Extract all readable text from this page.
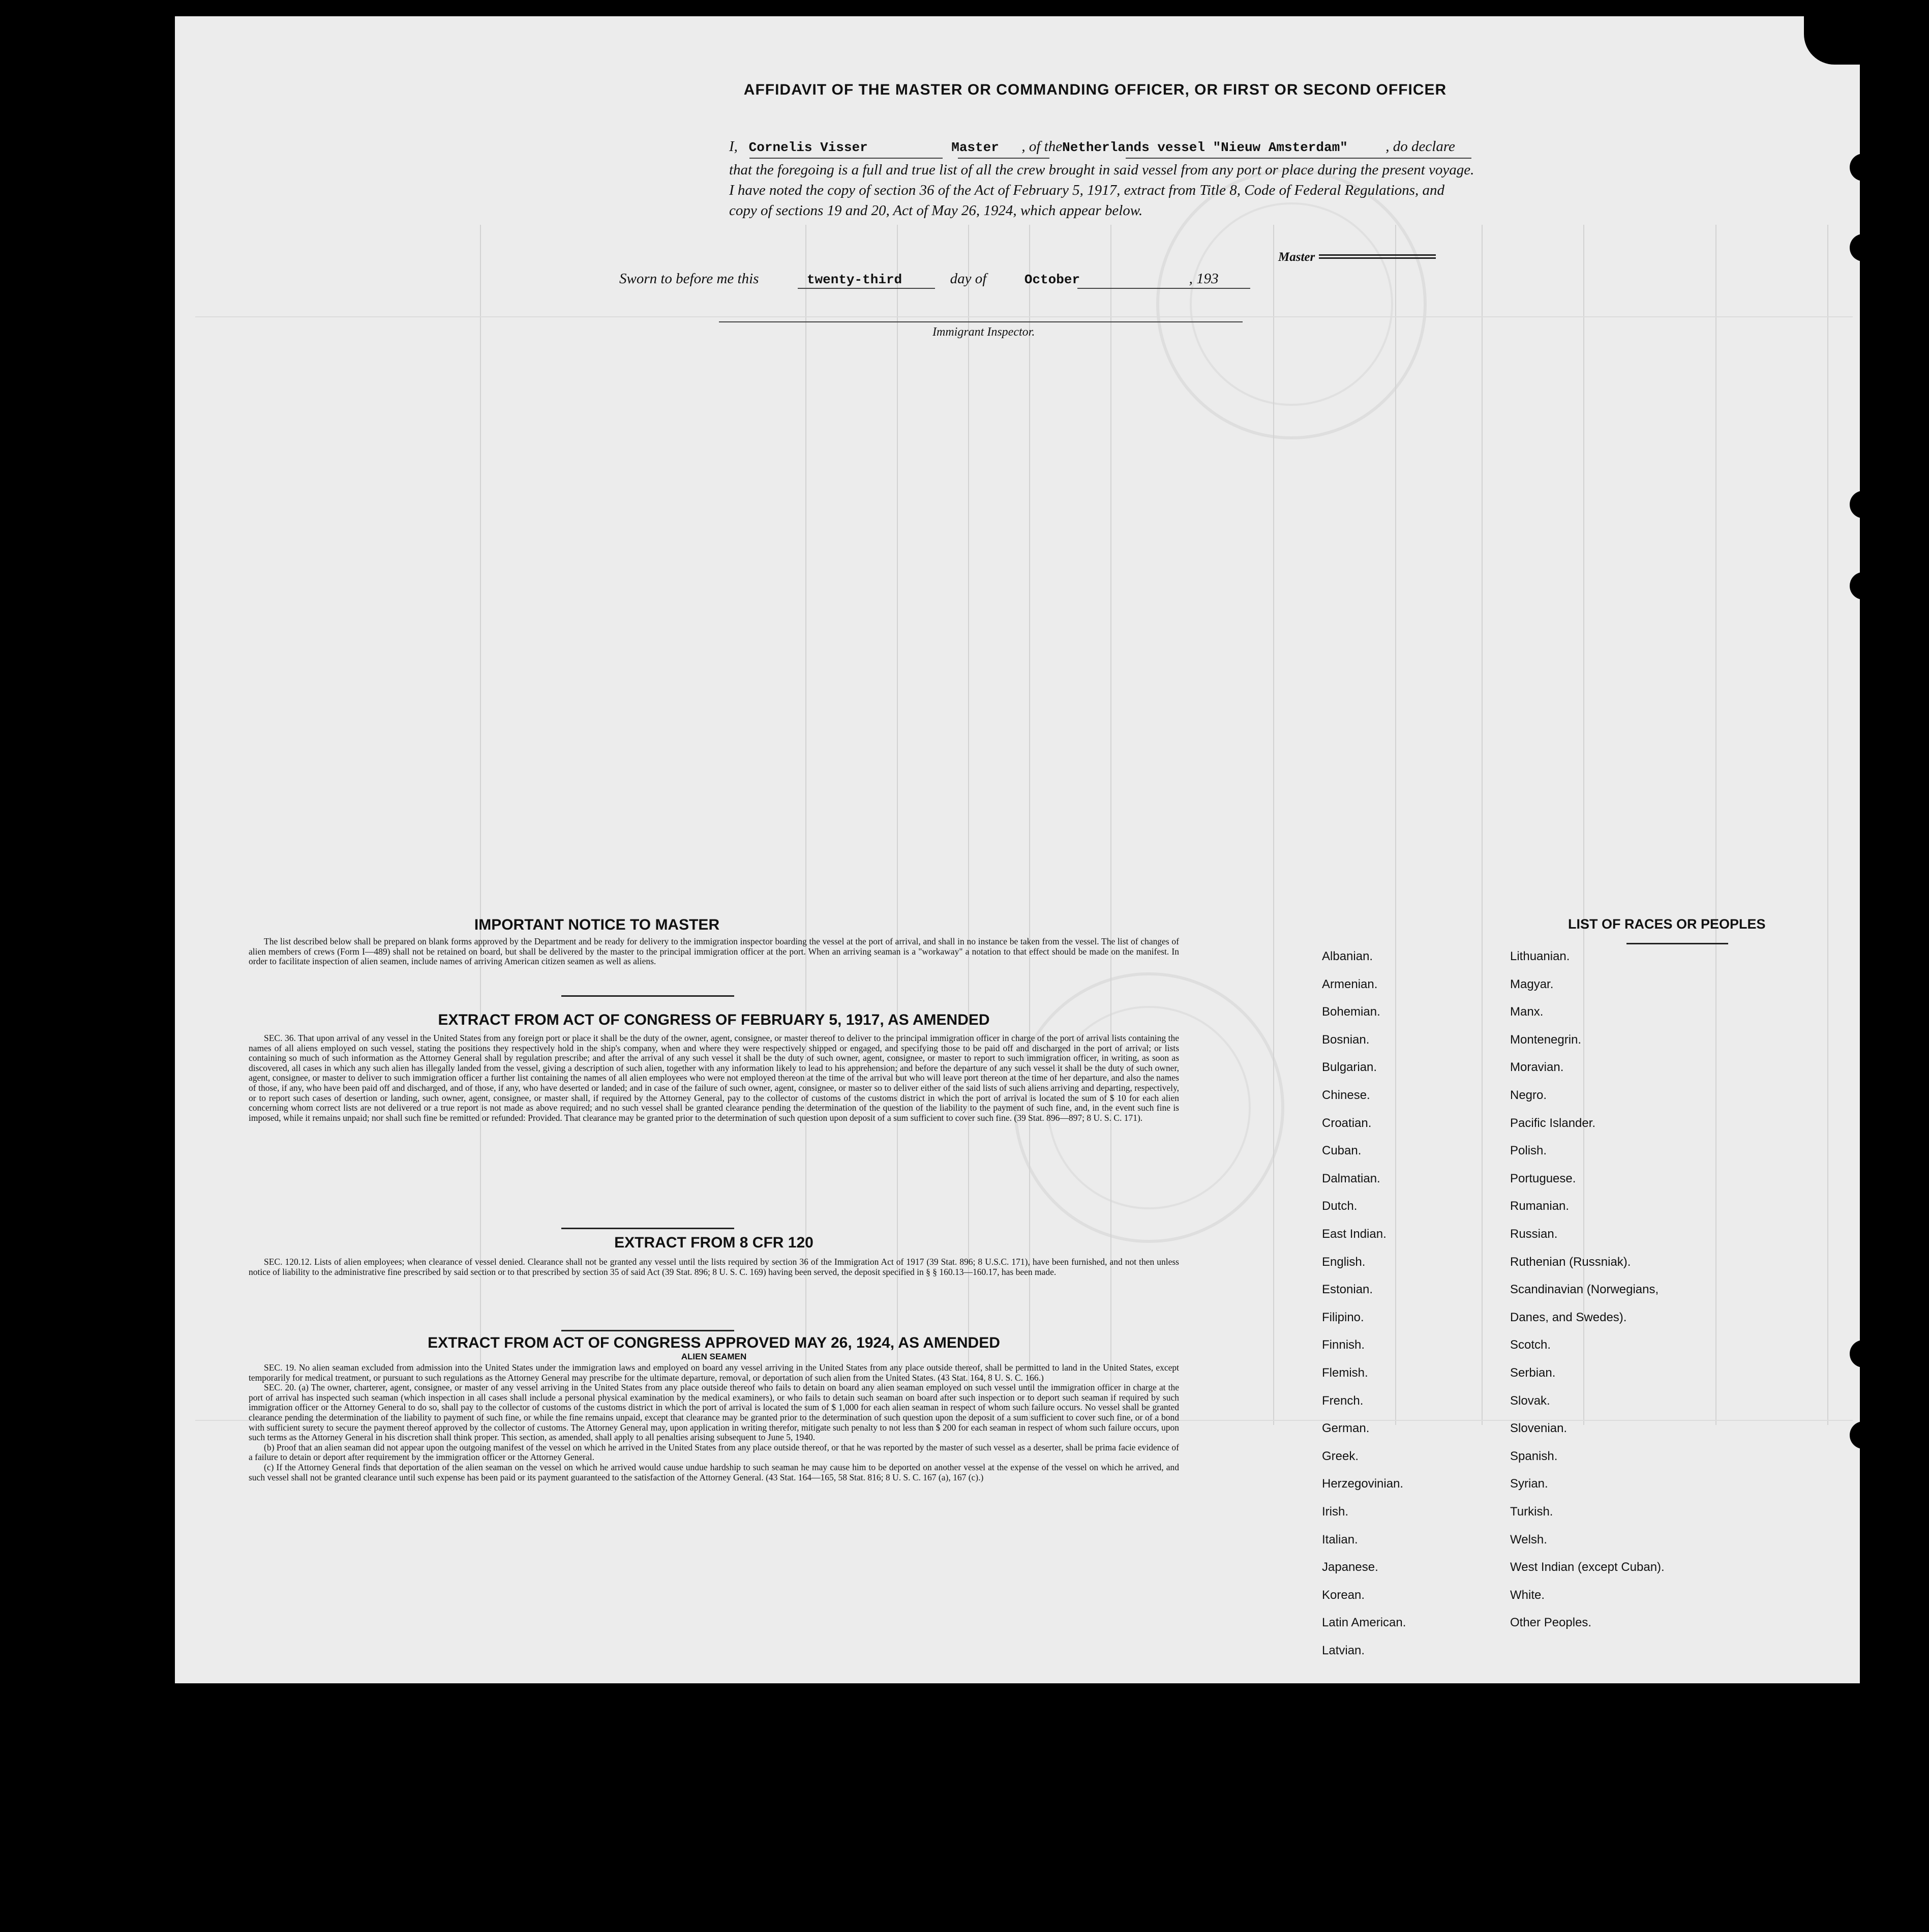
AFFIDAVIT OF THE MASTER OR COMMANDING OFFICER, OR FIRST OR SECOND OFFICER
I, Cornelis Visser	Master , of theNetherlands vessel "Nieuw Amsterdam"	, do declare
that the foregoing is a full and true list of all the crew brought in said vessel from any port or place during the present voyage.
I have noted the copy of section 36 of the Act of February 5, 1917, extract from Title 8, Code of Federal Regulations, and
copy of sections 19 and 20, Act of May 26, 1924, which appear below.
Master
Sworn to before me this	twenty-third	day of	October	, 193
Immigrant Inspector.
IMPORTANT NOTICE TO MASTER

The list described below shall be prepared on blank forms approved by the Department and be ready for delivery to the immigration inspector boarding the vessel at the port of arrival, and shall in no instance be taken from the vessel. The list of changes of alien members of crews (Form I—489) shall not be retained on board, but shall be delivered by the master to the principal immigration officer at the port. When an arriving seaman is a "workaway" a notation to that effect should be made on the manifest. In order to facilitate inspection of alien seamen, include names of arriving American citizen seamen as well as aliens.

EXTRACT FROM ACT OF CONGRESS OF FEBRUARY 5, 1917, AS AMENDED

SEC. 36. That upon arrival of any vessel in the United States from any foreign port or place it shall be the duty of the owner, agent, consignee, or master thereof to deliver to the principal immigration officer in charge of the port of arrival lists containing the names of all aliens employed on such vessel, stating the positions they respectively hold in the ship's company, when and where they were respectively shipped or engaged, and specifying those to be paid off and discharged in the port of arrival; or lists containing so much of such information as the Attorney General shall by regulation prescribe; and after the arrival of any such vessel it shall be the duty of such owner, agent, consignee, or master to report to such immigration officer, in writing, as soon as discovered, all cases in which any such alien has illegally landed from the vessel, giving a description of such alien, together with any information likely to lead to his apprehension; and before the departure of any such vessel it shall be the duty of such owner, agent, consignee, or master to deliver to such immigration officer a further list containing the names of all alien employees who were not employed thereon at the time of the arrival but who will leave port thereon at the time of her departure, and also the names of those, if any, who have been paid off and discharged, and of those, if any, who have deserted or landed; and in case of the failure of such owner, agent, consignee, or master so to deliver either of the said lists of such aliens arriving and departing, respectively, or to report such cases of desertion or landing, such owner, agent, consignee, or master shall, if required by the Attorney General, pay to the collector of customs of the customs district in which the port of arrival is located the sum of $ 10 for each alien concerning whom correct lists are not delivered or a true report is not made as above required; and no such vessel shall be granted clearance pending the determination of the question of the liability to the payment of such fine, and, in the event such fine is imposed, while it remains unpaid; nor shall such fine be remitted or refunded: Provided. That clearance may be granted prior to the determination of such question upon deposit of a sum sufficient to cover such fine. (39 Stat. 896—897; 8 U. S. C. 171).

EXTRACT FROM 8 CFR 120

SEC. 120.12. Lists of alien employees; when clearance of vessel denied. Clearance shall not be granted any vessel until the lists required by section 36 of the Immigration Act of 1917 (39 Stat. 896; 8 U.S.C. 171), have been furnished, and not then unless notice of liability to the administrative fine prescribed by said section or to that prescribed by section 35 of said Act (39 Stat. 896; 8 U. S. C. 169) having been served, the deposit specified in § § 160.13—160.17, has been made.

EXTRACT FROM ACT OF CONGRESS APPROVED MAY 26, 1924, AS AMENDED
ALIEN SEAMEN

SEC. 19. No alien seaman excluded from admission into the United States under the immigration laws and employed on board any vessel arriving in the United States from any place outside thereof, shall be permitted to land in the United States, except temporarily for medical treatment, or pursuant to such regulations as the Attorney General may prescribe for the ultimate departure, removal, or deportation of such alien from the United States. (43 Stat. 164, 8 U. S. C. 166.)

SEC. 20. (a) The owner, charterer, agent, consignee, or master of any vessel arriving in the United States from any place outside thereof who fails to detain on board any alien seaman employed on such vessel until the immigration officer in charge at the port of arrival has inspected such seaman (which inspection in all cases shall include a personal physical examination by the medical examiners), or who fails to detain such seaman on board after such inspection or to deport such seaman if required by such immigration officer or the Attorney General to do so, shall pay to the collector of customs of the customs district in which the port of arrival is located the sum of $ 1,000 for each alien seaman in respect of whom such failure occurs. No vessel shall be granted clearance pending the determination of the liability to payment of such fine, or while the fine remains unpaid, except that clearance may be granted prior to the determination of such question upon the deposit of a sum sufficient to cover such fine, or of a bond with sufficient surety to secure the payment thereof approved by the collector of customs. The Attorney General may, upon application in writing therefor, mitigate such penalty to not less than $ 200 for each seaman in respect of whom such failure occurs, upon such terms as the Attorney General in his discretion shall think proper. This section, as amended, shall apply to all penalties arising subsequent to June 5, 1940.

(b) Proof that an alien seaman did not appear upon the outgoing manifest of the vessel on which he arrived in the United States from any place outside thereof, or that he was reported by the master of such vessel as a deserter, shall be prima facie evidence of a failure to detain or deport after requirement by the immigration officer or the Attorney General.

(c) If the Attorney General finds that deportation of the alien seaman on the vessel on which he arrived would cause undue hardship to such seaman he may cause him to be deported on another vessel at the expense of the vessel on which he arrived, and such vessel shall not be granted clearance until such expense has been paid or its payment guaranteed to the satisfaction of the Attorney General. (43 Stat. 164—165, 58 Stat. 816; 8 U. S. C. 167 (a), 167 (c).)

LIST OF RACES OR PEOPLES
Albanian.
Armenian.
Bohemian.
Bosnian.
Bulgarian.
Chinese.
Croatian.
Cuban.
Dalmatian.
Dutch.
East Indian.
English.
Estonian.
Filipino.
Finnish.
Flemish.
French.
German.
Greek.
Herzegovinian.
Irish.
Italian.
Japanese.
Korean.
Latin American.
Latvian.
Lithuanian.
Magyar.
Manx.
Montenegrin.
Moravian.
Negro.
Pacific Islander.
Polish.
Portuguese.
Rumanian.
Russian.
Ruthenian (Russniak).
Scandinavian (Norwegians,
Danes, and Swedes).
Scotch.
Serbian.
Slovak.
Slovenian.
Spanish.
Syrian.
Turkish.
Welsh.
West Indian (except Cuban).
White.
Other Peoples.
